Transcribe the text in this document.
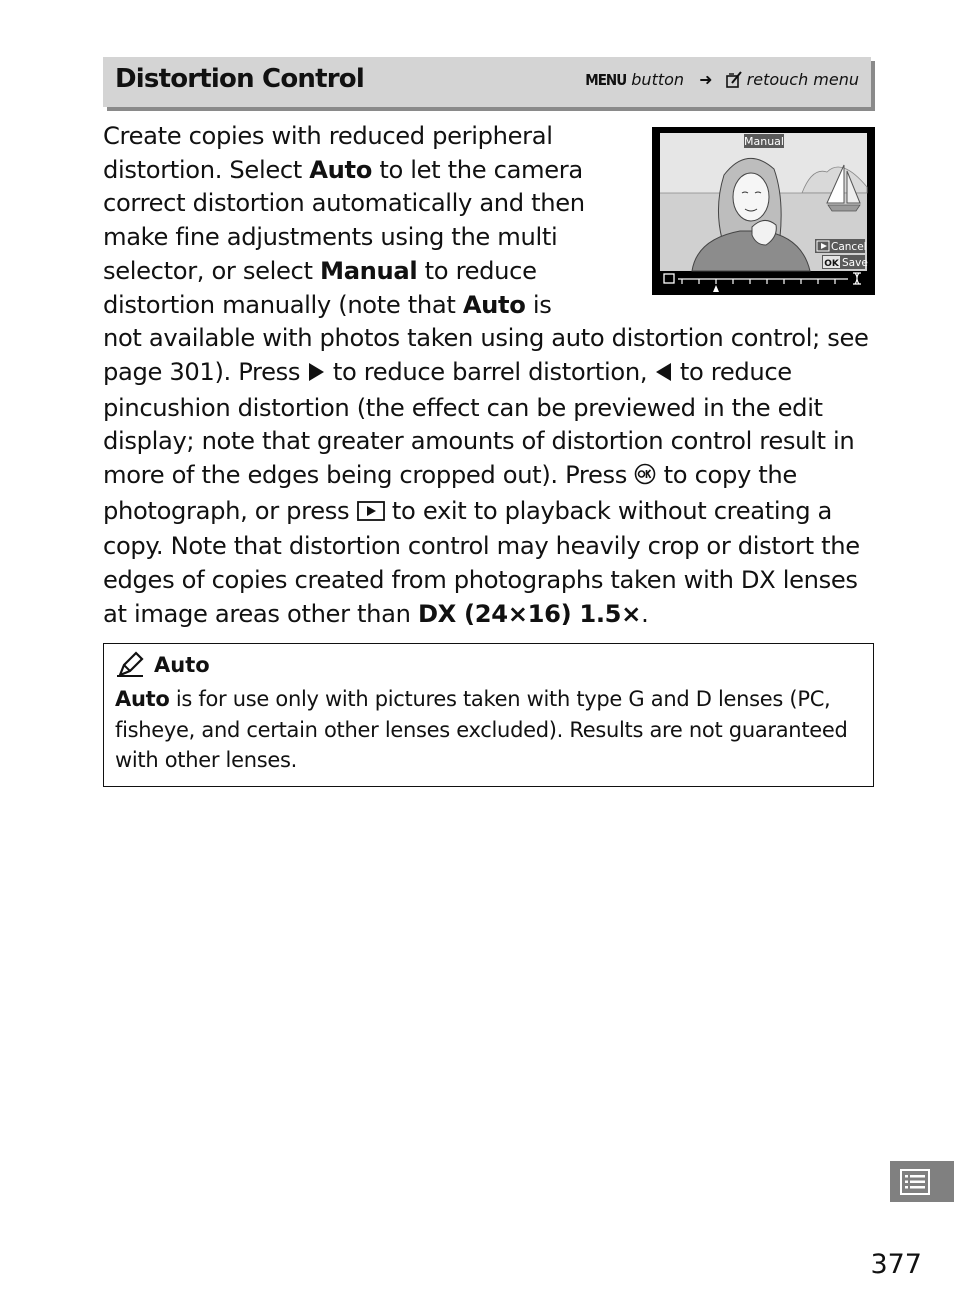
Distortion Control	MENU button ➜ retouch menu
Manual
Cancel
OK Save
Create copies with reduced peripheral distortion. Select Auto to let the camera correct distortion automatically and then make fine adjustments using the multi selector, or select Manual to reduce distortion manually (note that Auto is not available with photos taken using auto distortion control; see page 301). Press  to reduce barrel distortion,  to reduce pincushion distortion (the effect can be previewed in the edit display; note that greater amounts of distortion control result in more of the edges being cropped out). Press  to copy the photograph, or press  to exit to playback without creating a copy. Note that distortion control may heavily crop or distort the edges of copies created from photographs taken with DX lenses at image areas other than DX (24×16) 1.5×.
Auto
Auto is for use only with pictures taken with type G and D lenses (PC, fisheye, and certain other lenses excluded). Results are not guaranteed with other lenses.
377
